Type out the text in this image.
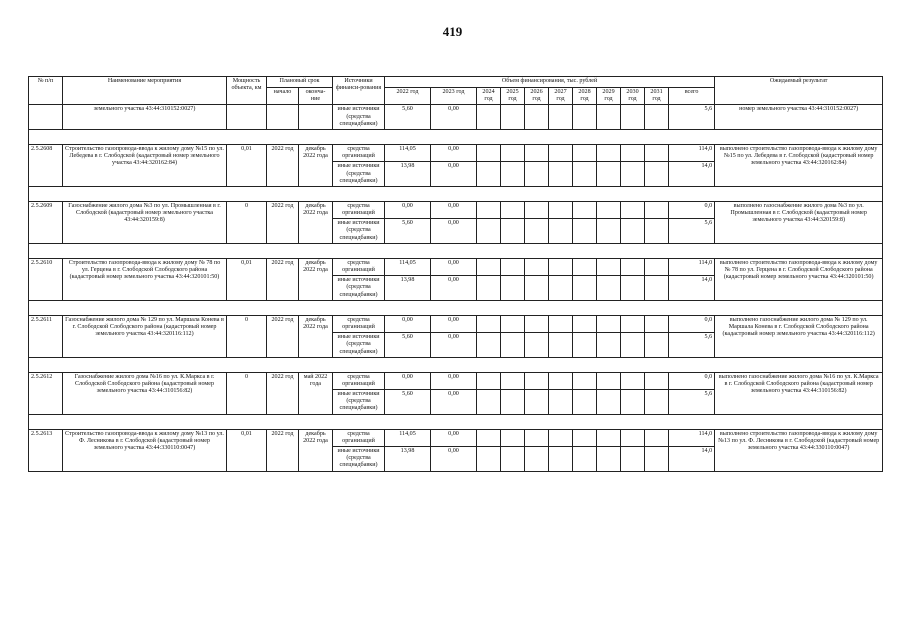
419
№ п/п	Наименование мероприятия	Мощность объекта, км	Плановый срок		Источники финанси-рования	Объем финансирования, тыс. рублей											Ожидаемый результат
			начало	оконча-ние		2022 год	2023 год	2024 год	2025 год	2026 год	2027 год	2028 год	2029 год	2030 год	2031 год	всего	
	земельного участка 43:44:310152:0027)				иные источники (средства спецнадбавки)	5,60	0,00									5,6	номер земельного участка 43:44:310152:0027)

2.5.2608	Строительство газопровода-ввода к жилому дому №15 по ул. Лебедева в г. Слободской (кадастровый номер земельного участка 43:44:320162:84)	0,01	2022 год	декабрь 2022 года	средства организаций	114,05	0,00									114,0	выполнено строительство газопровода-ввода к жилому дому №15 по ул. Лебедева в г. Слободской (кадастровый номер земельного участка 43:44:320162:84)
					иные источники (средства спецнадбавки)	13,98	0,00									14,0	

2.5.2609	Газоснабжение жилого дома №3 по ул. Промышленная в г. Слободской (кадастровый номер земельного участка 43:44:320159:8)	0	2022 год	декабрь 2022 года	средства организаций	0,00	0,00									0,0	выполнено газоснабжение жилого дома №3 по ул. Промышленная в г. Слободской (кадастровый номер земельного участка 43:44:320159:8)
					иные источники (средства спецнадбавки)	5,60	0,00									5,6	

2.5.2610	Строительство газопровода-ввода к жилому дому № 78 по ул. Герцена в г. Слободской Слободского района (кадастровый номер земельного участка 43:44:320101:50)	0,01	2022 год	декабрь 2022 года	средства организаций	114,05	0,00									114,0	выполнено строительство газопровода-ввода к жилому дому № 78 по ул. Герцена в г. Слободской Слободского района (кадастровый номер земельного участка 43:44:320101:50)
					иные источники (средства спецнадбавки)	13,98	0,00									14,0	

2.5.2611	Газоснабжение жилого дома № 129 по ул. Маршала Конева в г. Слободской Слободского района (кадастровый номер земельного участка 43:44:320116:112)	0	2022 год	декабрь 2022 года	средства организаций	0,00	0,00									0,0	выполнено газоснабжение жилого дома № 129 по ул. Маршала Конева в г. Слободской Слободского района (кадастровый номер земельного участка 43:44:320116:112)
					иные источники (средства спецнадбавки)	5,60	0,00									5,6	

2.5.2612	Газоснабжение жилого дома №16 по ул. К.Маркса в г. Слободской Слободского района (кадастровый номер земельного участка 43:44:310156:82)	0	2022 год	май 2022 года	средства организаций	0,00	0,00									0,0	выполнено газоснабжение жилого дома №16 по ул. К.Маркса в г. Слободской Слободского района (кадастровый номер земельного участка 43:44:310156:82)
					иные источники (средства спецнадбавки)	5,60	0,00									5,6	

2.5.2613	Строительство газопровода-ввода к жилому дому №13 по ул. Ф. Лесникова в г. Слободской (кадастровый номер земельного участка 43:44:330110:0047)	0,01	2022 год	декабрь 2022 года	средства организаций	114,05	0,00									114,0	выполнено строительство газопровода-ввода к жилому дому №13 по ул. Ф. Лесникова в г. Слободской (кадастровый номер земельного участка 43:44:330110:0047)
					иные источники (средства спецнадбавки)	13,98	0,00									14,0	
